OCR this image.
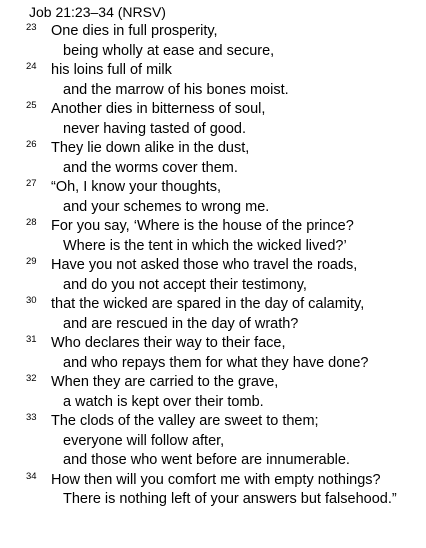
Job 21:23–34 (NRSV)
23 One dies in full prosperity,
being wholly at ease and secure,
24 his loins full of milk
and the marrow of his bones moist.
25 Another dies in bitterness of soul,
never having tasted of good.
26 They lie down alike in the dust,
and the worms cover them.
27 “Oh, I know your thoughts,
and your schemes to wrong me.
28 For you say, ‘Where is the house of the prince?
Where is the tent in which the wicked lived?’
29 Have you not asked those who travel the roads,
and do you not accept their testimony,
30 that the wicked are spared in the day of calamity,
and are rescued in the day of wrath?
31 Who declares their way to their face,
and who repays them for what they have done?
32 When they are carried to the grave,
a watch is kept over their tomb.
33 The clods of the valley are sweet to them;
everyone will follow after,
and those who went before are innumerable.
34 How then will you comfort me with empty nothings?
There is nothing left of your answers but falsehood.”
